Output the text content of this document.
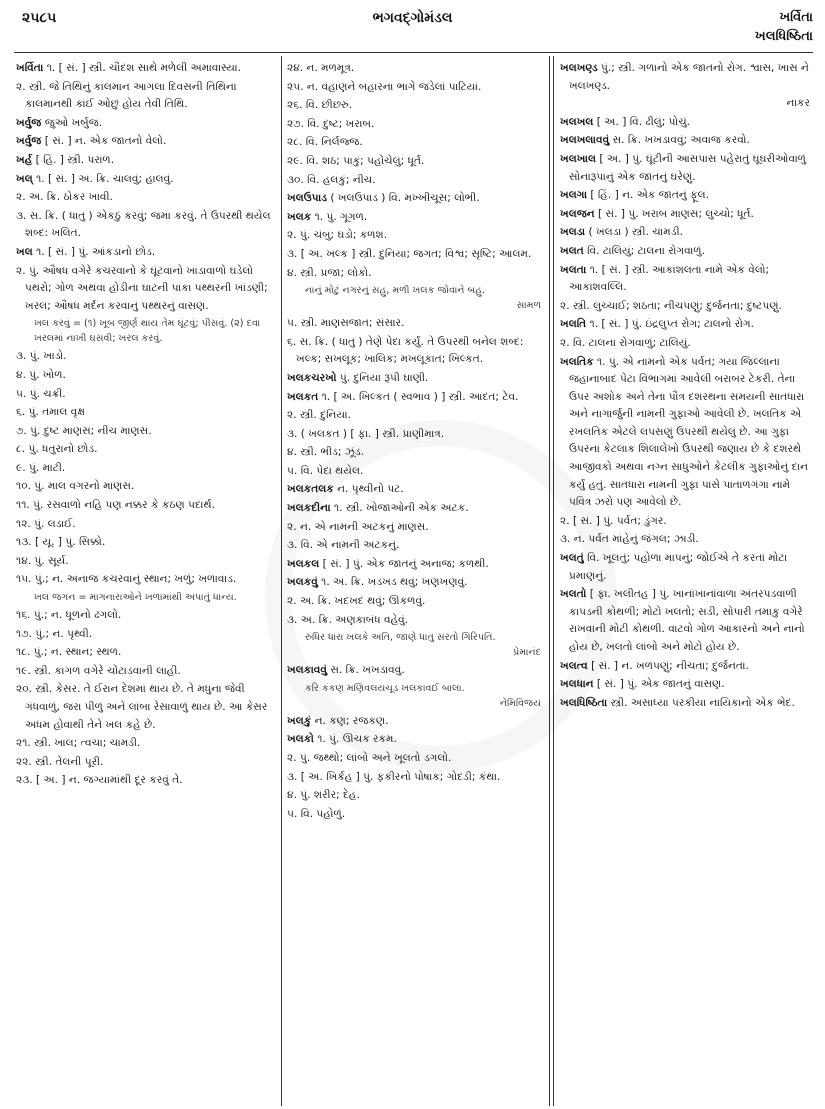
૨૫૮૫	ભગવદ્ગોમંડલ	ખર્વિતા
ખલધિષ્ઠિતા
ખર્વિતા ૧. [ સં. ] સ્ત્રી. ચૌદશ સાથે મળેલી અમાવાસ્યા.
૨. સ્ત્રી. જે તિથિનું કાલમાન આગલા દિવસની તિથિના કાલમાનથી કાંઈ ઓછું હોય તેવી તિથિ.
ખર્વુજ જુઓ ખર્બુજ.
ખર્વુજ [ સં. ] ન. એક જાતનો વેલો.
ખર્હ [ હિં. ] સ્ત્રી. પરાળ.
ખલ્ ૧. [ સં. ] અ. ક્રિ. ચાલવું; હાલવું.
૨. અ. ક્રિ. ઠોકર ખાવી.
૩. સ. ક્રિ. ( ધાતુ ) એકઠું કરવું; જમા કરવું. તે ઉપરથી થયેલ શબ્દ: ખલિત.
ખલ ૧. [ સં. ] પું. આંકડાનો છોડ.
૨. પું. ઔષધ વગેરે કચરવાનો કે ઘૂંટવાનો ખાડાવાળો ઘડેલો પથરો; ગોળ અથવા હોડીના ઘાટની પાકા પથ્થરની ખાંડણી; ખરલ; ઔષધ મર્દન કરવાનું પથ્થરનું વાસણ.
ખલ કરવું = (૧) ખૂબ જીર્ણ થાય તેમ ઘૂંટવું; પીસવું. (૨) દવા ખરલમાં નાખી ઘસવી; ખરલ કરવું.
૩. પું. ખાડો.
૪. પું. ખોળ.
૫. પું. ચક્રી.
૬. પું. તમાલ વૃક્ષ
૭. પું. દુષ્ટ માણસ; નીચ માણસ.
૮. પું. ધતુરાનો છોડ.
૯. પું. માટી.
૧૦. પું. માલ વગરનો માણસ.
૧૧. પું. રસવાળો નહિ પણ નક્કર કે કઠણ પદાર્થ.
૧૨. પું. લડાઈ.
૧૩. [ યૂ. ] પું. સિક્કો.
૧૪. પું. સૂર્ય.
૧૫. પું.; ન. અનાજ કચરવાનું સ્થાન; ખળું; ખળાવાડ.
ખલ જગન = માગનારાઓને ખળામાંથી અપાતું ધાન્ય.
૧૬. પું.; ન. ધૂળનો ઢગલો.
૧૭. પું.; ન. પૃથ્વી.
૧૮. પું.; ન. સ્થાન; સ્થળ.
૧૯. સ્ત્રી. કાગળ વગેરે ચોંટાડવાની લાહી.
૨૦. સ્ત્રી. કેસર. તે ઈરાન દેશમાં થાય છે. તે મધુના જેવી ગંધવાળું, જરા પીળું અને લાંબા રેસાવાળું થાય છે. આ કેસર અધમ હોવાથી તેને ખલ કહે છે.
૨૧. સ્ત્રી. ખાલ; ત્વચા; ચામડી.
૨૨. સ્ત્રી. તેલની પૂરી.
૨૩. [ અ. ] ન. જગ્યામાંથી દૂર કરવું તે.
૨૪. ન. મળમૂત્ર.
૨૫. ન. વહાણને બહારના ભાગે જડેલાં પાટિયાં.
૨૬. વિ. છીછરું.
૨૭. વિ. દુષ્ટ; ખરાબ.
૨૮. વિ. નિર્લજ્જ.
૨૯. વિ. શઠ; પાકું; પહોંચેલું; ધૂર્ત.
૩૦. વિ. હલકું; નીચ.
ખલઉપાડ ( ખલઉપાડ ) વિ. મખ્ખીચૂસ; લોભી.
ખલક ૧. પું. ગૂગળ.
૨. પું. ચંબુ; ઘડો; કળશ.
૩. [ અ. ખલ્ક ] સ્ત્રી. દુનિયા; જગત; વિશ્વ; સૃષ્ટિ; આલમ.
૪. સ્ત્રી. પ્રજા; લોકો.
નાનું મોટું નગરનું સહુ, મળી ખલક જોવાને બહુ.
સામળ
૫. સ્ત્રી. માણસજાત; સંસાર.
૬. સ. ક્રિ. ( ધાતુ ) તેણે પેદા કર્યું. તે ઉપરથી બનેલ શબ્દ: ખલ્ક; સખલૂક; ખાલિક; મખલૂકાત; ખિલ્કત.
ખલકચરખો પું. દુનિયા રૂપી ઘાણી.
ખલકત ૧. [ અ. ખિલ્કત ( સ્વભાવ ) ] સ્ત્રી. આદત; ટેવ.
૨. સ્ત્રી. દુનિયા.
૩. ( ખલકત ) [ ફા. ] સ્ત્રી. પ્રાણીમાત્ર.
૪. સ્ત્રી. ભીડ; ઝૂંડ.
૫. વિ. પેદા થયેલ.
ખલકતલક ન. પૃથ્વીનો પટ.
ખલકદીના ૧. સ્ત્રી. ખોજાઓની એક અટક.
૨. ન. એ નામની અટકનું માણસ.
૩. વિ. એ નામની અટકનું.
ખલકલ [ સં. ] પું. એક જાતનું અનાજ; કળથી.
ખલકવું ૧. અ. ક્રિ. ખડખડ થવું; ખણખણવું.
૨. અ. ક્રિ. ખદખદ થવું; ઊકળવું.
૩. અ. ક્રિ. અણકાબંધ વહેવું.
રુધિર ધારા ખલકે અતિ, જાણે ધાતુ સરતો ગિરિપતિ.
પ્રેમાનંદ
ખલકાવવું સ. ક્રિ. ખખડાવવું.
કરિ કંકણ મણિવલયચૂડ ખલકાવઈ બાલા.
નેમિવિજય
ખલકું ન. કણ; રજકણ.
ખલકો ૧. પું. ઊચક રકમ.
૨. પું. જથ્થો; લાંબો અને ખૂલતો ડગલો.
૩. [ અ. ખિર્કહ ] પું. ફકીરનો પોષાક; ગોદડી; કંથા.
૪. પું. શરીર; દેહ.
૫. વિ. પહોળું.
ખલખણ્ડ પું.; સ્ત્રી. ગળાનો એક જાતનો રોગ. શ્વાસ, ખાસ ને ખલખણ્ડ.
નાકર
ખલખલ [ અ. ] વિ. ઢીલું; પોચું.
ખલખલાવવું સ. ક્રિ. ખખડાવવું; અવાજ કરવો.
ખલખાલ [ અ. ] પું. ઘૂંટીની આસપાસ પહેરાતું ઘૂઘરીઓવાળું સોનારૂપાનું એક જાતનું ઘરેણું.
ખલગા [ હિં. ] ન. એક જાતનું ફૂલ.
ખલજન [ સં. ] પું. ખરાબ માણસ; લુચ્ચો; ધૂર્ત.
ખલડા ( ખલડા ) સ્ત્રી. ચામડી.
ખલત વિ. ટાલિયું; ટાલના રોગવાળું.
ખલતા ૧. [ સં. ] સ્ત્રી. આકાશલતા નામે એક વેલો; આકાશવલ્લિ.
૨. સ્ત્રી. લુચ્ચાઈ; શઠતા; નીચપણું; દુર્જનતા; દુષ્ટપણું.
ખલતિ ૧. [ સં. ] પું. ઇંદ્રલુપ્ત રોગ; ટાલનો રોગ.
૨. વિ. ટાલના રોગવાળું; ટાલિયું.
ખલતિક ૧. પું. એ નામનો એક પર્વત; ગયા જિલ્લાના જહાનાબાદ પેટા વિભાગમાં આવેલી બરાબર ટેકરી. તેના ઉપર અશોક અને તેના પૌત્ર દશરથના સમયની સાતધારા અને નાગાર્જુની નામની ગુફાઓ આવેલી છે. ખલતિક એ રખલતિક એટલે લપસણું ઉપરથી થયેલું છે. આ ગુફા ઉપરના કેટલાક શિલાલેખો ઉપરથી જણાય છે કે દશરથે આજીવકો અથવા નગ્ન સાધુઓને કેટલીક ગુફાઓનું દાન કર્યું હતું. સાતધારા નામની ગુફા પાસે પાતાળગંગા નામે પવિત્ર ઝરો પણ આવેલો છે.
૨. [ સં. ] પું. પર્વત; ડુંગર.
૩. ન. પર્વત માંહેનું જંગલ; ઝાડી.
ખલતું વિ. ખૂલતું; પહોળા માપનું; જોઈએ તે કરતાં મોટા પ્રમાણનું.
ખલતો [ ફા. ખલીતહ ] પું. ખાનાંખાનાંવાળા અંતરપડવાળી કાપડની કોથળી; મોટો ખલતો; સડી, સોપારી તમાકુ વગેરે રાખવાની મોટી કોથળી. વાટવો ગોળ આકારનો અને નાનો હોય છે, ખલતો લાંબો અને મોટો હોય છે.
ખલત્વ [ સં. ] ન. ખળપણું; નીચતા; દુર્જનતા.
ખલધાન [ સં. ] પું. એક જાતનું વાસણ.
ખલધિષ્ઠિતા સ્ત્રી. અસાધ્યા પરકીયા નાયિકાનો એક ભેદ.
